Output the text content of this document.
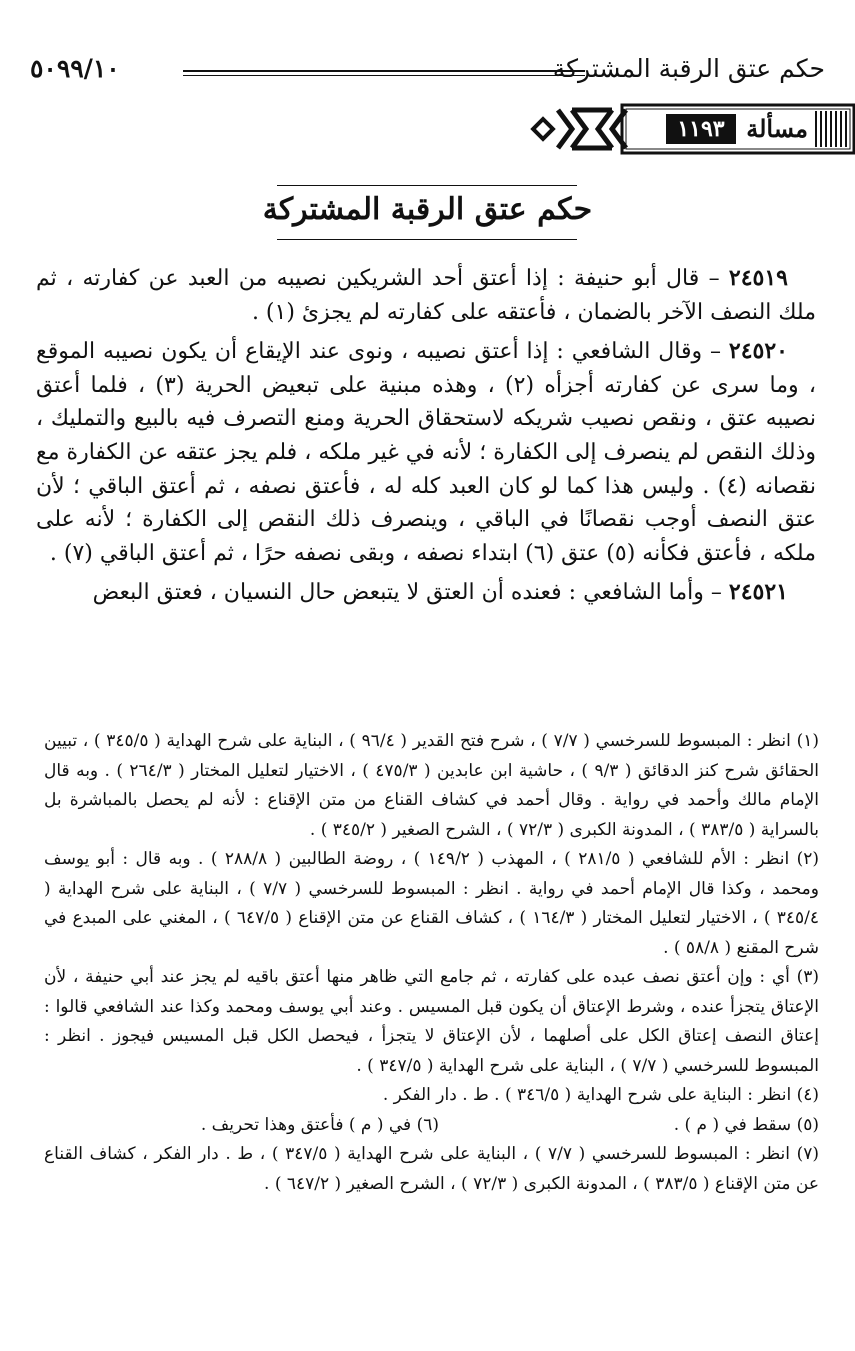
حكم عتق الرقبة المشتركة
٥٠٩٩/١٠
مسألة
١١٩٣
حكم عتق الرقبة المشتركة

٢٤٥١٩ – قال أبو حنيفة : إذا أعتق أحد الشريكين نصيبه من العبد عن كفارته ، ثم ملك النصف الآخر بالضمان ، فأعتقه على كفارته لم يجزئ (١) .

٢٤٥٢٠ – وقال الشافعي : إذا أعتق نصيبه ، ونوى عند الإيقاع أن يكون نصيبه الموقع ، وما سرى عن كفارته أجزأه (٢) ، وهذه مبنية على تبعيض الحرية (٣) ، فلما أعتق نصيبه عتق ، ونقص نصيب شريكه لاستحقاق الحرية ومنع التصرف فيه بالبيع والتمليك ، وذلك النقص لم ينصرف إلى الكفارة ؛ لأنه في غير ملكه ، فلم يجز عتقه عن الكفارة مع نقصانه (٤) . وليس هذا كما لو كان العبد كله له ، فأعتق نصفه ، ثم أعتق الباقي ؛ لأن عتق النصف أوجب نقصانًا في الباقي ، وينصرف ذلك النقص إلى الكفارة ؛ لأنه على ملكه ، فأعتق فكأنه (٥) عتق (٦) ابتداء نصفه ، وبقى نصفه حرًا ، ثم أعتق الباقي (٧) .

٢٤٥٢١ – وأما الشافعي : فعنده أن العتق لا يتبعض حال النسيان ، فعتق البعض

(١) انظر : المبسوط للسرخسي ( ٧/٧ ) ، شرح فتح القدير ( ٩٦/٤ ) ، البناية على شرح الهداية ( ٣٤٥/٥ ) ، تبيين الحقائق شرح كنز الدقائق ( ٩/٣ ) ، حاشية ابن عابدين ( ٤٧٥/٣ ) ، الاختيار لتعليل المختار ( ٢٦٤/٣ ) . وبه قال الإمام مالك وأحمد في رواية . وقال أحمد في كشاف القناع من متن الإقناع : لأنه لم يحصل بالمباشرة بل بالسراية ( ٣٨٣/٥ ) ، المدونة الكبرى ( ٧٢/٣ ) ، الشرح الصغير ( ٣٤٥/٢ ) .

(٢) انظر : الأم للشافعي ( ٢٨١/٥ ) ، المهذب ( ١٤٩/٢ ) ، روضة الطالبين ( ٢٨٨/٨ ) . وبه قال : أبو يوسف ومحمد ، وكذا قال الإمام أحمد في رواية . انظر : المبسوط للسرخسي ( ٧/٧ ) ، البناية على شرح الهداية ( ٣٤٥/٤ ) ، الاختيار لتعليل المختار ( ١٦٤/٣ ) ، كشاف القناع عن متن الإقناع ( ٦٤٧/٥ ) ، المغني على المبدع في شرح المقنع ( ٥٨/٨ ) .

(٣) أي : وإن أعتق نصف عبده على كفارته ، ثم جامع التي ظاهر منها أعتق باقيه لم يجز عند أبي حنيفة ، لأن الإعتاق يتجزأ عنده ، وشرط الإعتاق أن يكون قبل المسيس . وعند أبي يوسف ومحمد وكذا عند الشافعي قالوا : إعتاق النصف إعتاق الكل على أصلهما ، لأن الإعتاق لا يتجزأ ، فيحصل الكل قبل المسيس فيجوز . انظر : المبسوط للسرخسي ( ٧/٧ ) ، البناية على شرح الهداية ( ٣٤٧/٥ ) .

(٤) انظر : البناية على شرح الهداية ( ٣٤٦/٥ ) . ط . دار الفكر .

(٥) سقط في ( م ) .
(٦) في ( م ) فأعتق وهذا تحريف .

(٧) انظر : المبسوط للسرخسي ( ٧/٧ ) ، البناية على شرح الهداية ( ٣٤٧/٥ ) ، ط . دار الفكر ، كشاف القناع عن متن الإقناع ( ٣٨٣/٥ ) ، المدونة الكبرى ( ٧٢/٣ ) ، الشرح الصغير ( ٦٤٧/٢ ) .
